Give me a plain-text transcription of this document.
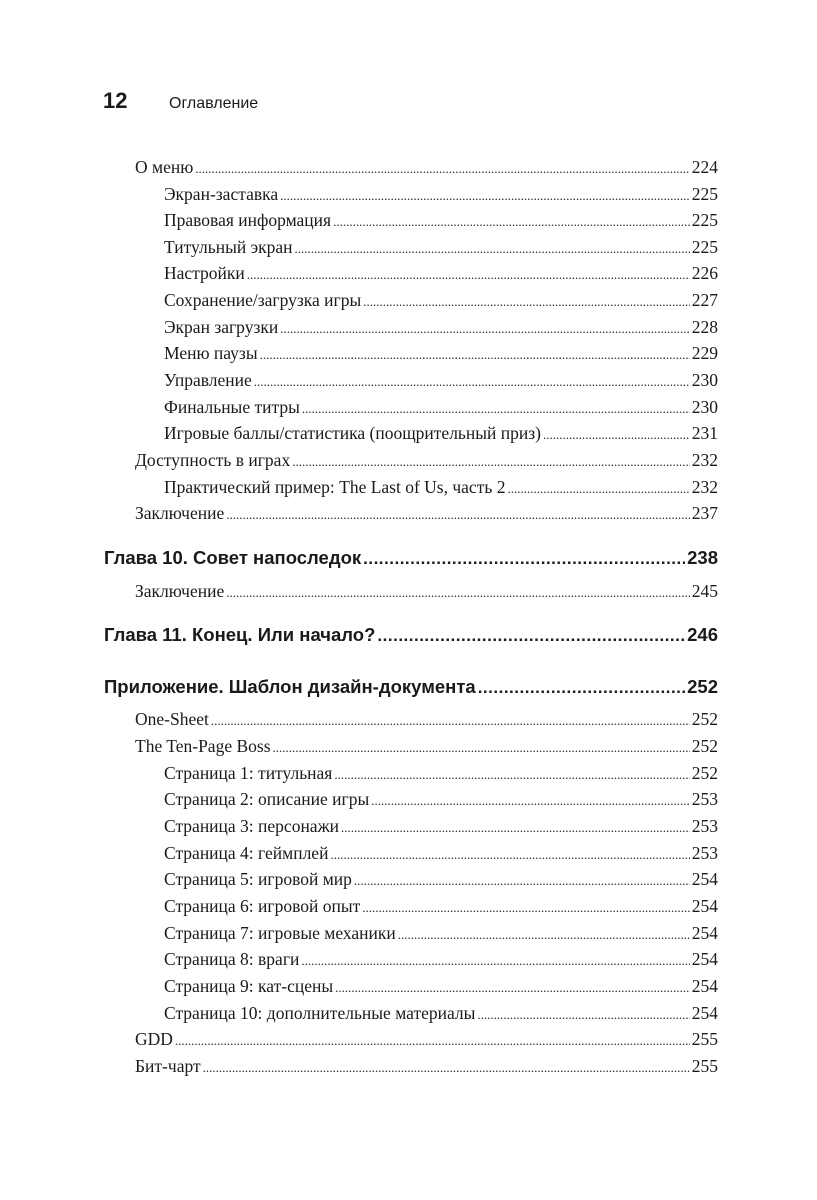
12	Оглавление
О меню .....	224
Экран-заставка .....	225
Правовая информация .....	225
Титульный экран .....	225
Настройки .....	226
Сохранение/загрузка игры .....	227
Экран загрузки .....	228
Меню паузы .....	229
Управление .....	230
Финальные титры .....	230
Игровые баллы/статистика (поощрительный приз) .....	231
Доступность в играх .....	232
Практический пример: The Last of Us, часть 2 .....	232
Заключение .....	237
Глава 10. Совет напоследок .....	238
Заключение .....	245
Глава 11. Конец. Или начало? .....	246
Приложение. Шаблон дизайн-документа .....	252
One-Sheet .....	252
The Ten-Page Boss .....	252
Страница 1: титульная .....	252
Страница 2: описание игры .....	253
Страница 3: персонажи .....	253
Страница 4: геймплей .....	253
Страница 5: игровой мир .....	254
Страница 6: игровой опыт .....	254
Страница 7: игровые механики .....	254
Страница 8: враги .....	254
Страница 9: кат-сцены .....	254
Страница 10: дополнительные материалы .....	254
GDD .....	255
Бит-чарт .....	255
